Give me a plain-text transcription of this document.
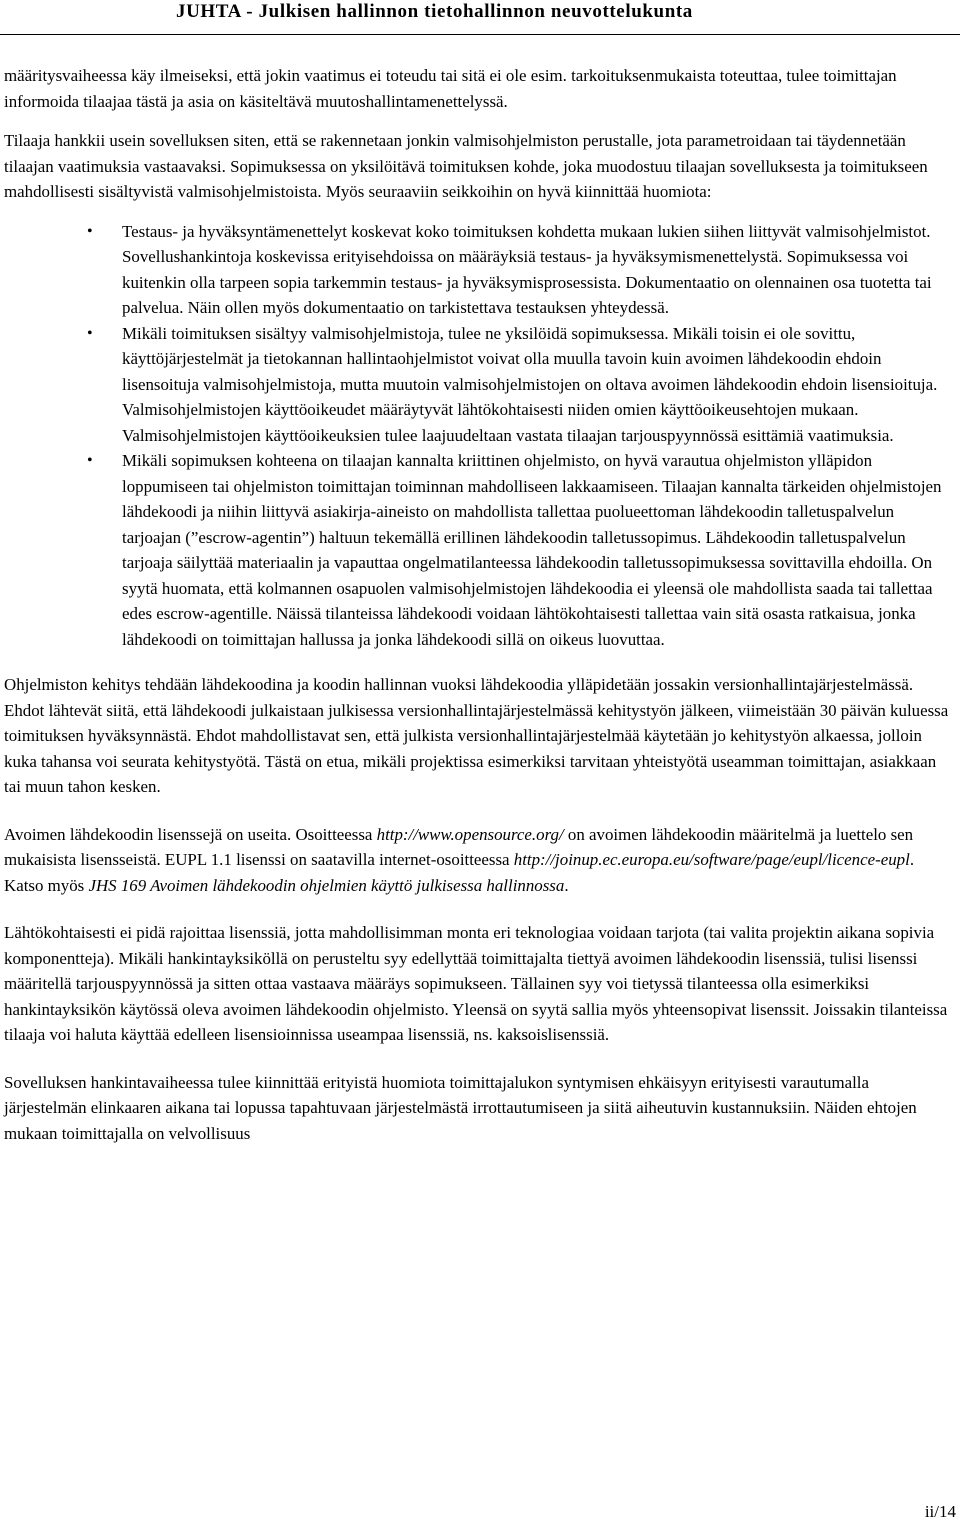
JUHTA - Julkisen hallinnon tietohallinnon neuvottelukunta

määritysvaiheessa käy ilmeiseksi, että jokin vaatimus ei toteudu tai sitä ei ole esim. tarkoituksenmukaista toteuttaa, tulee toimittajan informoida tilaajaa tästä ja asia on käsiteltävä muutoshallintamenettelyssä.

Tilaaja hankkii usein sovelluksen siten, että se rakennetaan jonkin valmisohjelmiston perustalle, jota parametroidaan tai täydennetään tilaajan vaatimuksia vastaavaksi. Sopimuksessa on yksilöitävä toimituksen kohde, joka muodostuu tilaajan sovelluksesta ja toimitukseen mahdollisesti sisältyvistä valmisohjelmistoista. Myös seuraaviin seikkoihin on hyvä kiinnittää huomiota:

• Testaus- ja hyväksyntämenettelyt koskevat koko toimituksen kohdetta mukaan lukien siihen liittyvät valmisohjelmistot. Sovellushankintoja koskevissa erityisehdoissa on määräyksiä testaus- ja hyväksymismenettelystä. Sopimuksessa voi kuitenkin olla tarpeen sopia tarkemmin testaus- ja hyväksymisprosessista. Dokumentaatio on olennainen osa tuotetta tai palvelua. Näin ollen myös dokumentaatio on tarkistettava testauksen yhteydessä.
• Mikäli toimituksen sisältyy valmisohjelmistoja, tulee ne yksilöidä sopimuksessa. Mikäli toisin ei ole sovittu, käyttöjärjestelmät ja tietokannan hallintaohjelmistot voivat olla muulla tavoin kuin avoimen lähdekoodin ehdoin lisensoituja valmisohjelmistoja, mutta muutoin valmisohjelmistojen on oltava avoimen lähdekoodin ehdoin lisensioituja. Valmisohjelmistojen käyttöoikeudet määräytyvät lähtökohtaisesti niiden omien käyttöoikeusehtojen mukaan. Valmisohjelmistojen käyttöoikeuksien tulee laajuudeltaan vastata tilaajan tarjouspyynnössä esittämiä vaatimuksia.
• Mikäli sopimuksen kohteena on tilaajan kannalta kriittinen ohjelmisto, on hyvä varautua ohjelmiston ylläpidon loppumiseen tai ohjelmiston toimittajan toiminnan mahdolliseen lakkaamiseen. Tilaajan kannalta tärkeiden ohjelmistojen lähdekoodi ja niihin liittyvä asiakirja-aineisto on mahdollista tallettaa puolueettoman lähdekoodin talletuspalvelun tarjoajan (”escrow-agentin”) haltuun tekemällä erillinen lähdekoodin talletussopimus. Lähdekoodin talletuspalvelun tarjoaja säilyttää materiaalin ja vapauttaa ongelmatilanteessa lähdekoodin talletussopimuksessa sovittavilla ehdoilla. On syytä huomata, että kolmannen osapuolen valmisohjelmistojen lähdekoodia ei yleensä ole mahdollista saada tai tallettaa edes escrow-agentille. Näissä tilanteissa lähdekoodi voidaan lähtökohtaisesti tallettaa vain sitä osasta ratkaisua, jonka lähdekoodi on toimittajan hallussa ja jonka lähdekoodi sillä on oikeus luovuttaa.

Ohjelmiston kehitys tehdään lähdekoodina ja koodin hallinnan vuoksi lähdekoodia ylläpidetään jossakin versionhallintajärjestelmässä. Ehdot lähtevät siitä, että lähdekoodi julkaistaan julkisessa versionhallintajärjestelmässä kehitystyön jälkeen, viimeistään 30 päivän kuluessa toimituksen hyväksynnästä. Ehdot mahdollistavat sen, että julkista versionhallintajärjestelmää käytetään jo kehitystyön alkaessa, jolloin kuka tahansa voi seurata kehitystyötä. Tästä on etua, mikäli projektissa esimerkiksi tarvitaan yhteistyötä useamman toimittajan, asiakkaan tai muun tahon kesken.

Avoimen lähdekoodin lisenssejä on useita. Osoitteessa http://www.opensource.org/ on avoimen lähdekoodin määritelmä ja luettelo sen mukaisista lisensseistä. EUPL 1.1 lisenssi on saatavilla internet-osoitteessa http://joinup.ec.europa.eu/software/page/eupl/licence-eupl. Katso myös JHS 169 Avoimen lähdekoodin ohjelmien käyttö julkisessa hallinnossa.

Lähtökohtaisesti ei pidä rajoittaa lisenssiä, jotta mahdollisimman monta eri teknologiaa voidaan tarjota (tai valita projektin aikana sopivia komponentteja). Mikäli hankintayksiköllä on perusteltu syy edellyttää toimittajalta tiettyä avoimen lähdekoodin lisenssiä, tulisi lisenssi määritellä tarjouspyynnössä ja sitten ottaa vastaava määräys sopimukseen. Tällainen syy voi tietyssä tilanteessa olla esimerkiksi hankintayksikön käytössä oleva avoimen lähdekoodin ohjelmisto. Yleensä on syytä sallia myös yhteensopivat lisenssit. Joissakin tilanteissa tilaaja voi haluta käyttää edelleen lisensioinnissa useampaa lisenssiä, ns. kaksoislisenssiä.

Sovelluksen hankintavaiheessa tulee kiinnittää erityistä huomiota toimittajalukon syntymisen ehkäisyyn erityisesti varautumalla järjestelmän elinkaaren aikana tai lopussa tapahtuvaan järjestelmästä irrottautumiseen ja siitä aiheutuvin kustannuksiin. Näiden ehtojen mukaan toimittajalla on velvollisuus

ii/14
